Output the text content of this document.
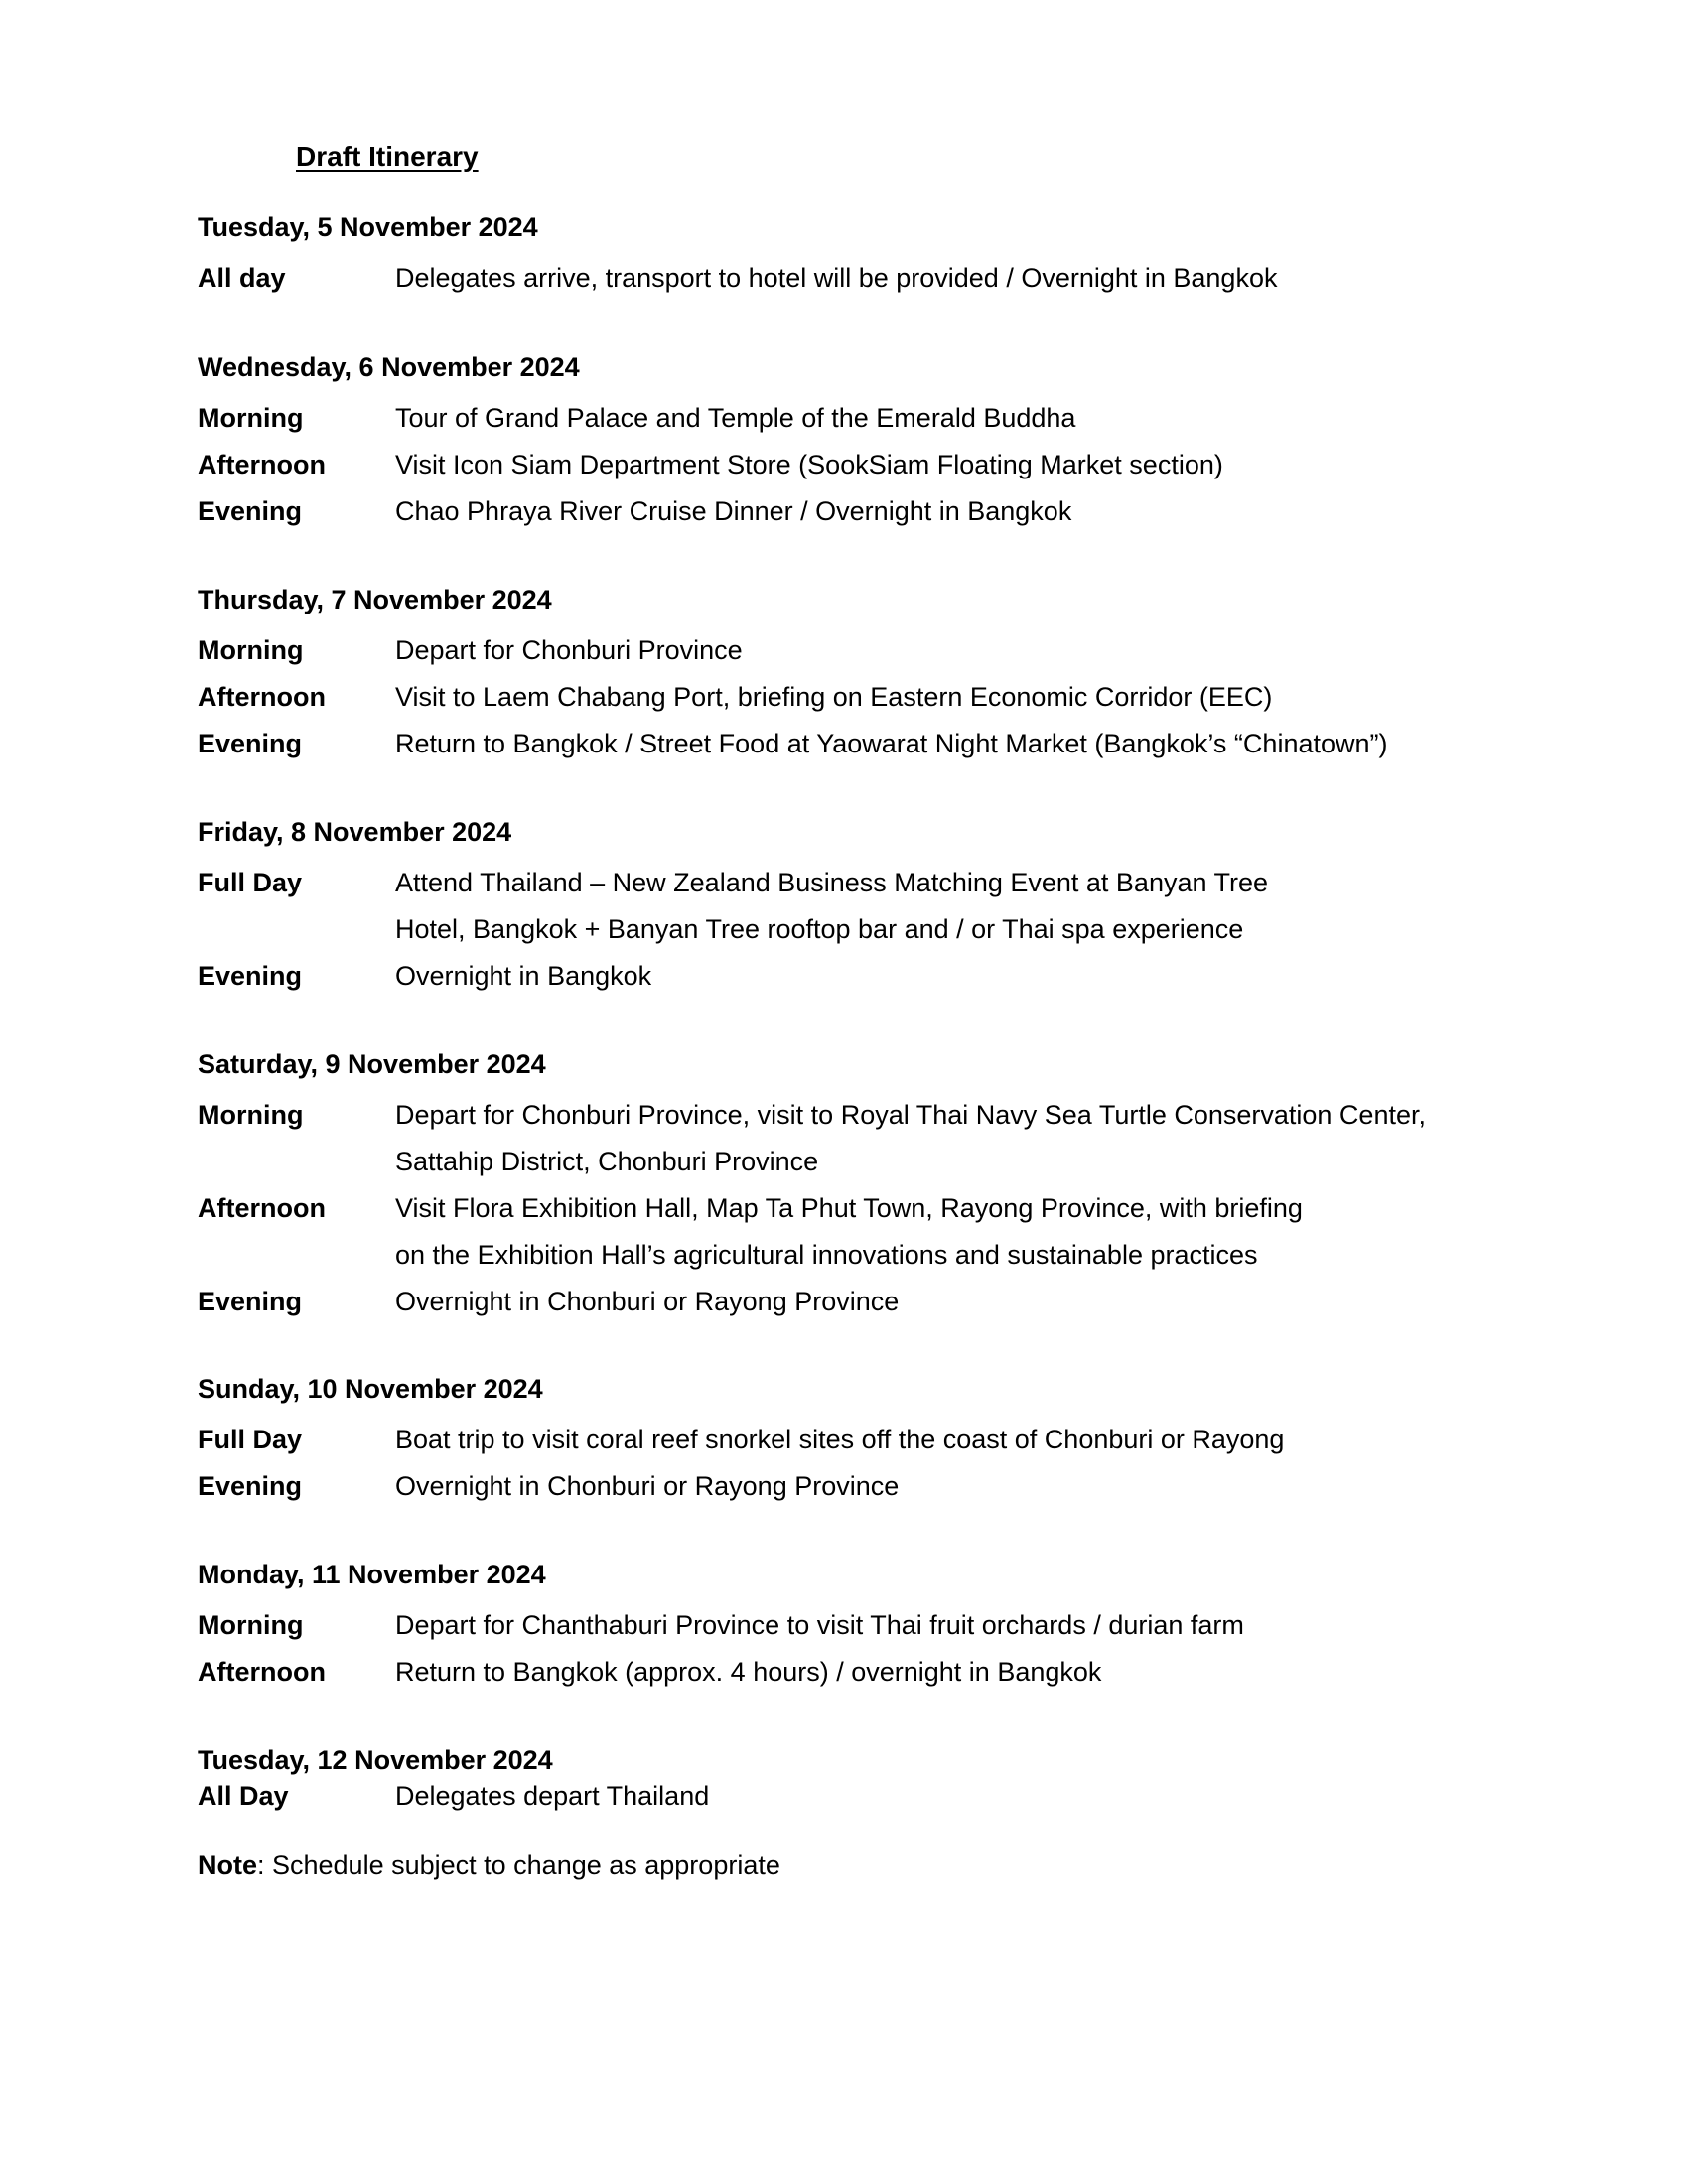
Draft Itinerary
Tuesday, 5 November 2024
All day	Delegates arrive, transport to hotel will be provided / Overnight in Bangkok
Wednesday, 6 November 2024
Morning	Tour of Grand Palace and Temple of the Emerald Buddha
Afternoon	Visit Icon Siam Department Store (SookSiam Floating Market section)
Evening	Chao Phraya River Cruise Dinner / Overnight in Bangkok
Thursday, 7 November 2024
Morning	Depart for Chonburi Province
Afternoon	Visit to Laem Chabang Port, briefing on Eastern Economic Corridor (EEC)
Evening	Return to Bangkok / Street Food at Yaowarat Night Market (Bangkok’s “Chinatown”)
Friday, 8 November 2024
Full Day	Attend Thailand – New Zealand Business Matching Event at Banyan Tree
Hotel, Bangkok + Banyan Tree rooftop bar and / or Thai spa experience
Evening	Overnight in Bangkok
Saturday, 9 November 2024
Morning	Depart for Chonburi Province, visit to Royal Thai Navy Sea Turtle Conservation Center,
Sattahip District, Chonburi Province
Afternoon	Visit Flora Exhibition Hall, Map Ta Phut Town, Rayong Province, with briefing
on the Exhibition Hall’s agricultural innovations and sustainable practices
Evening	Overnight in Chonburi or Rayong Province
Sunday, 10 November 2024
Full Day	Boat trip to visit coral reef snorkel sites off the coast of Chonburi or Rayong
Evening	Overnight in Chonburi or Rayong Province
Monday, 11 November 2024
Morning	Depart for Chanthaburi Province to visit Thai fruit orchards / durian farm
Afternoon	Return to Bangkok (approx. 4 hours) / overnight in Bangkok
Tuesday, 12 November 2024
All Day	Delegates depart Thailand
Note: Schedule subject to change as appropriate
